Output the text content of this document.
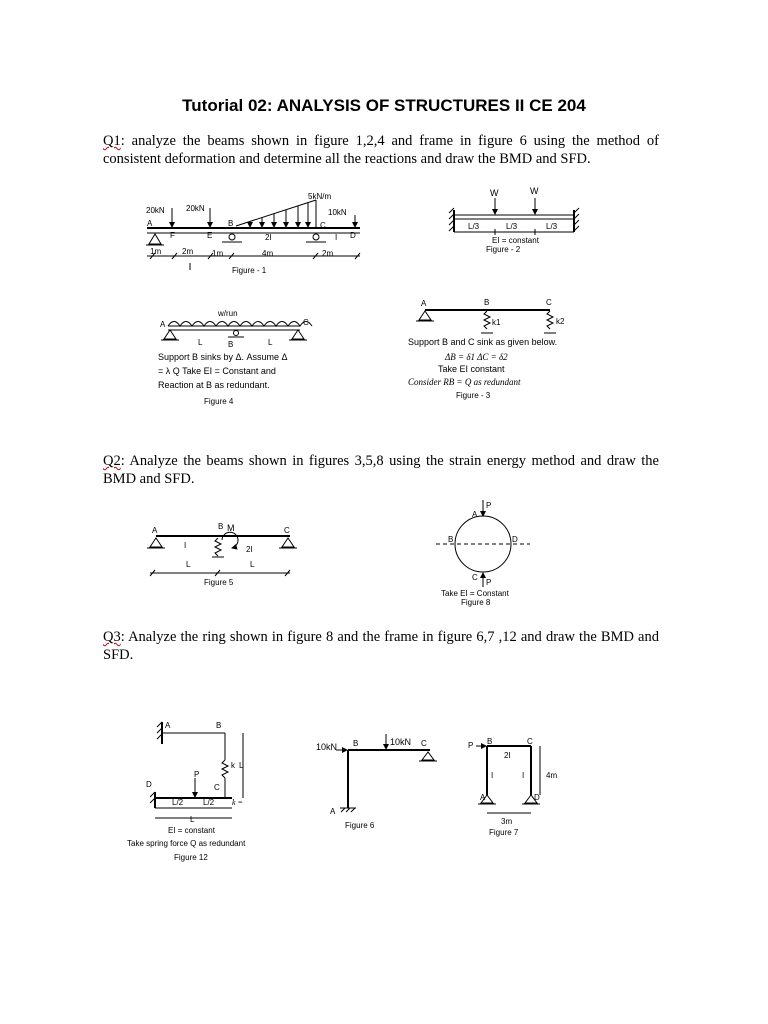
Tutorial 02: ANALYSIS OF STRUCTURES II CE 204
Q1: analyze the beams shown in figure 1,2,4 and frame in figure 6 using the method of consistent deformation and determine all the reactions and draw the BMD and SFD.
Q2: Analyze the beams shown in figures 3,5,8 using the strain energy method and draw the BMD and SFD.
Q3: Analyze the ring shown in figure 8 and the frame in figure 6,7 ,12 and draw the BMD and SFD.
20kN	20kN
5kN/m
10kN
A
F	E
B	C
I D
2I
1m	2m 1m	4m	2m
Figure - 1
W	W
L/3	L/3	L/3
EI = constant
Figure - 2
w/run
A
B
C
L	L
Support B sinks by Δ. Assume Δ
= λ Q Take EI = Constant and
Reaction at B as redundant.
Figure 4
A	B	C
k1	k2
Support B and C sink as given below.
ΔB = δ1 ΔC = δ2
Take EI constant
Consider RB = Q as redundant
Figure - 3
A	B M	C
I	2I
L	L
Figure 5
P
A
B	D
C
P
Take EI = Constant
Figure 8
A	B
k L
P
C
D
L/2 L/2 k =
L
EI = constant
Take spring force Q as redundant
Figure 12
10kN B	10kN C
A
Figure 6
P B	C
2I
I	I	4m
A	D
3m
Figure 7
